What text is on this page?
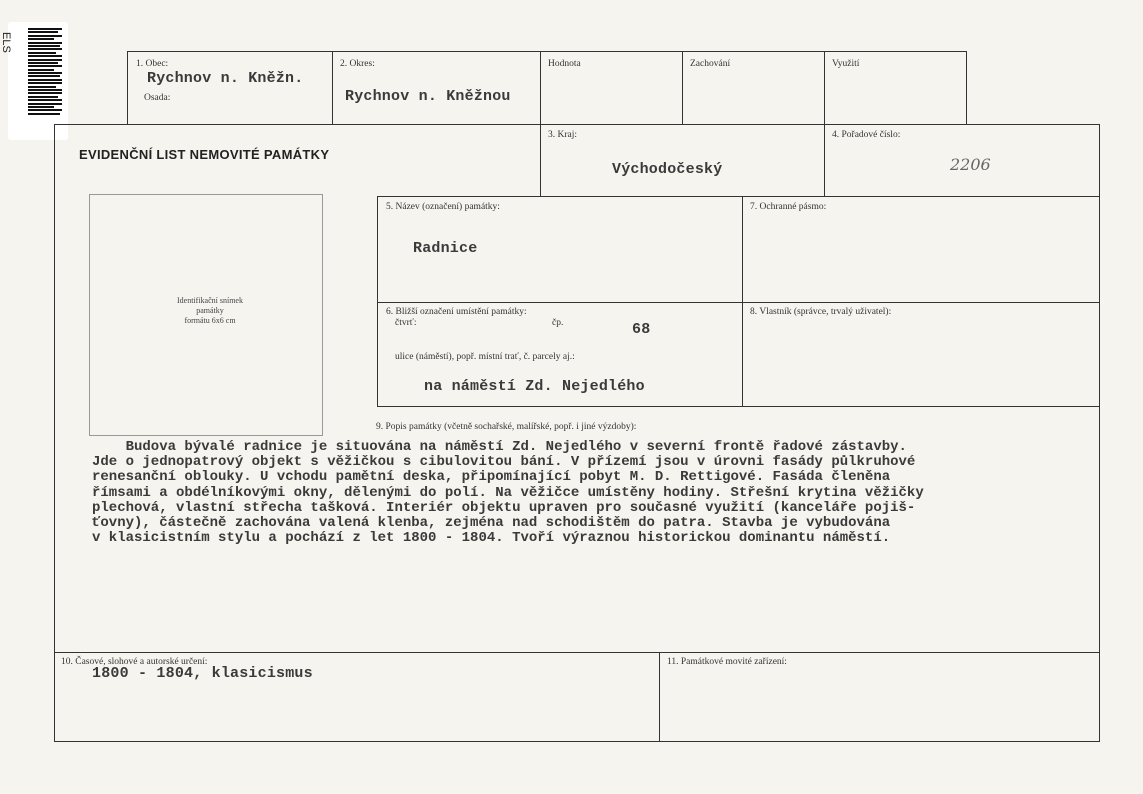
ELS
Identifikační snímek
památky
formátu 6x6 cm
EVIDENČNÍ LIST NEMOVITÉ PAMÁTKY
1. Obec:
Rychnov n. Kněžn.
Osada:
2. Okres:
Rychnov n. Kněžnou
Hodnota	Zachování	Využití
3. Kraj:
Východočeský
4. Pořadové číslo:
2206
5. Název (označení) památky:
Radnice
7. Ochranné pásmo:
6. Bližší označení umístění památky:
čtvrť:	čp.	68
ulice (náměstí), popř. místní trať, č. parcely aj.:
na náměstí Zd. Nejedlého
8. Vlastník (správce, trvalý uživatel):
9. Popis památky (včetně sochařské, malířské, popř. i jiné výzdoby):
Budova bývalé radnice je situována na náměstí Zd. Nejedlého v severní frontě řadové zástavby.
Jde o jednopatrový objekt s věžičkou s cibulovitou bání. V přízemí jsou v úrovni fasády půlkruhové
renesanční oblouky. U vchodu pamětní deska, připomínající pobyt M. D. Rettigové. Fasáda členěna
římsami a obdélníkovými okny, dělenými do polí. Na věžičce umístěny hodiny. Střešní krytina věžičky
plechová, vlastní střecha tašková. Interiér objektu upraven pro současné využití (kanceláře pojiš-
ťovny), částečně zachována valená klenba, zejména nad schodištěm do patra. Stavba je vybudována
v klasicistním stylu a pochází z let 1800 - 1804. Tvoří výraznou historickou dominantu náměstí.
10. Časové, slohové a autorské určení:
1800 - 1804, klasicismus
11. Památkové movité zařízení:
